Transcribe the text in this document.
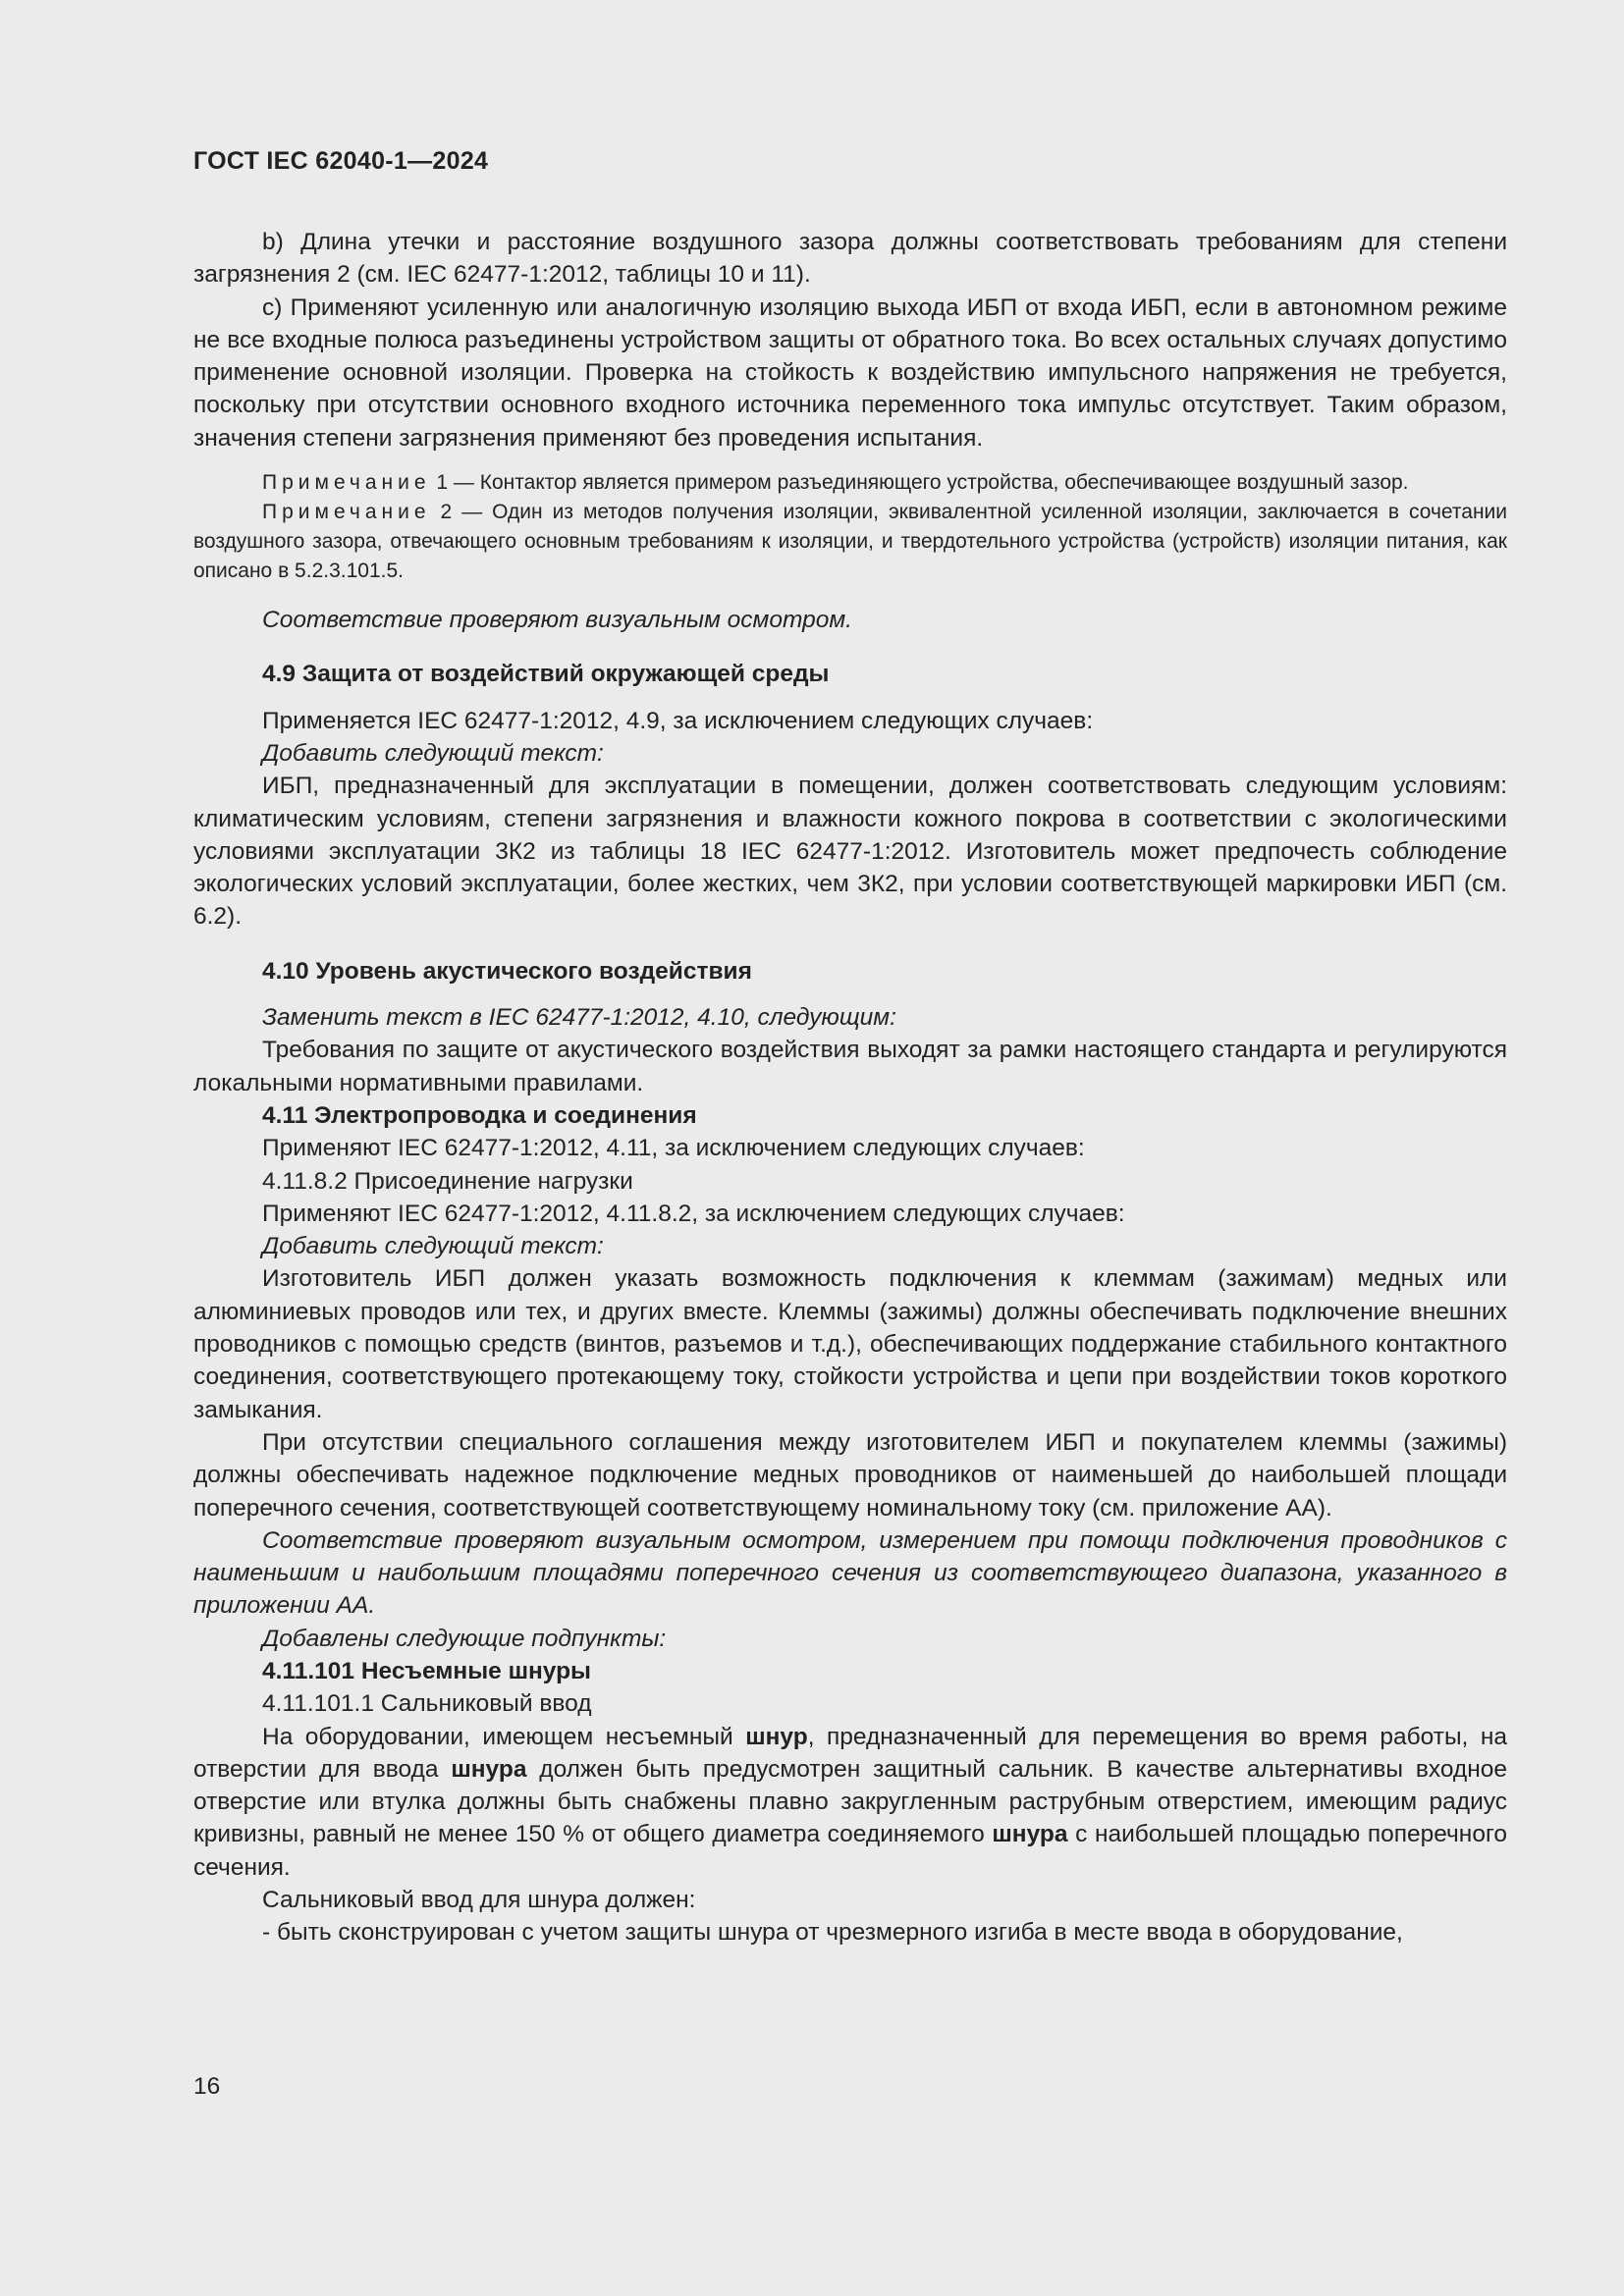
ГОСТ IEC 62040-1—2024

b) Длина утечки и расстояние воздушного зазора должны соответствовать требованиям для степени загрязнения 2 (см. IEC 62477-1:2012, таблицы 10 и 11).

c) Применяют усиленную или аналогичную изоляцию выхода ИБП от входа ИБП, если в автономном режиме не все входные полюса разъединены устройством защиты от обратного тока. Во всех остальных случаях допустимо применение основной изоляции. Проверка на стойкость к воздействию импульсного напряжения не требуется, поскольку при отсутствии основного входного источника переменного тока импульс отсутствует. Таким образом, значения степени загрязнения применяют без проведения испытания.

Примечание 1 — Контактор является примером разъединяющего устройства, обеспечивающее воздушный зазор.

Примечание 2 — Один из методов получения изоляции, эквивалентной усиленной изоляции, заключается в сочетании воздушного зазора, отвечающего основным требованиям к изоляции, и твердотельного устройства (устройств) изоляции питания, как описано в 5.2.3.101.5.

Соответствие проверяют визуальным осмотром.

4.9 Защита от воздействий окружающей среды

Применяется IEC 62477-1:2012, 4.9, за исключением следующих случаев:

Добавить следующий текст:

ИБП, предназначенный для эксплуатации в помещении, должен соответствовать следующим условиям: климатическим условиям, степени загрязнения и влажности кожного покрова в соответствии с экологическими условиями эксплуатации 3К2 из таблицы 18 IEC 62477-1:2012. Изготовитель может предпочесть соблюдение экологических условий эксплуатации, более жестких, чем 3К2, при условии соответствующей маркировки ИБП (см. 6.2).

4.10 Уровень акустического воздействия

Заменить текст в IEC 62477-1:2012, 4.10, следующим:

Требования по защите от акустического воздействия выходят за рамки настоящего стандарта и регулируются локальными нормативными правилами.

4.11 Электропроводка и соединения

Применяют IEC 62477-1:2012, 4.11, за исключением следующих случаев:

4.11.8.2 Присоединение нагрузки

Применяют IEC 62477-1:2012, 4.11.8.2, за исключением следующих случаев:

Добавить следующий текст:

Изготовитель ИБП должен указать возможность подключения к клеммам (зажимам) медных или алюминиевых проводов или тех, и других вместе. Клеммы (зажимы) должны обеспечивать подключение внешних проводников с помощью средств (винтов, разъемов и т.д.), обеспечивающих поддержание стабильного контактного соединения, соответствующего протекающему току, стойкости устройства и цепи при воздействии токов короткого замыкания.

При отсутствии специального соглашения между изготовителем ИБП и покупателем клеммы (зажимы) должны обеспечивать надежное подключение медных проводников от наименьшей до наибольшей площади поперечного сечения, соответствующей соответствующему номинальному току (см. приложение АА).

Соответствие проверяют визуальным осмотром, измерением при помощи подключения проводников с наименьшим и наибольшим площадями поперечного сечения из соответствующего диапазона, указанного в приложении АА.

Добавлены следующие подпункты:

4.11.101 Несъемные шнуры

4.11.101.1 Сальниковый ввод

На оборудовании, имеющем несъемный шнур, предназначенный для перемещения во время работы, на отверстии для ввода шнура должен быть предусмотрен защитный сальник. В качестве альтернативы входное отверстие или втулка должны быть снабжены плавно закругленным раструбным отверстием, имеющим радиус кривизны, равный не менее 150 % от общего диаметра соединяемого шнура с наибольшей площадью поперечного сечения.

Сальниковый ввод для шнура должен:

- быть сконструирован с учетом защиты шнура от чрезмерного изгиба в месте ввода в оборудование,

16
